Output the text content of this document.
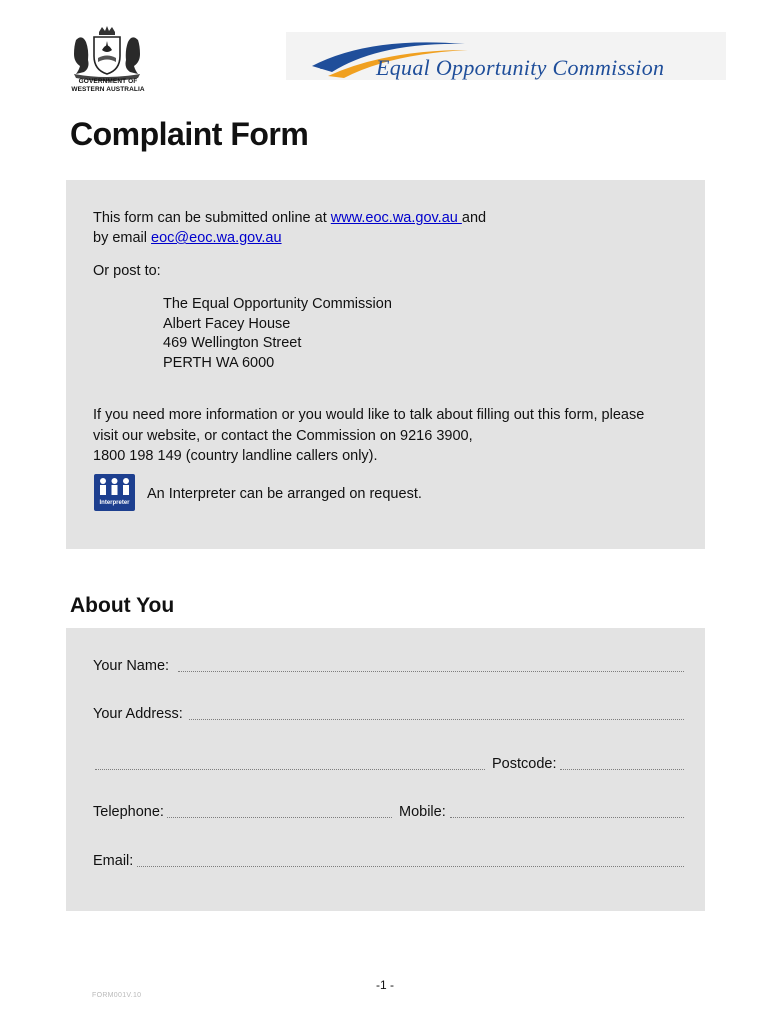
GOVERNMENT OF
WESTERN AUSTRALIA
Equal Opportunity Commission
Complaint Form
This form can be submitted online at www.eoc.wa.gov.au and
by email eoc@eoc.wa.gov.au
Or post to:
The Equal Opportunity Commission
Albert Facey House
469 Wellington Street
PERTH WA 6000
If you need more information or you would like to talk about filling out this form, please
visit our website, or contact the Commission on 9216 3900,
1800 198 149 (country landline callers only).
Interpreter
An Interpreter can be arranged on request.
About You
Your Name:
Your Address:
Postcode:
Telephone:	Mobile:
Email:
-1 -
FORM001V.10
